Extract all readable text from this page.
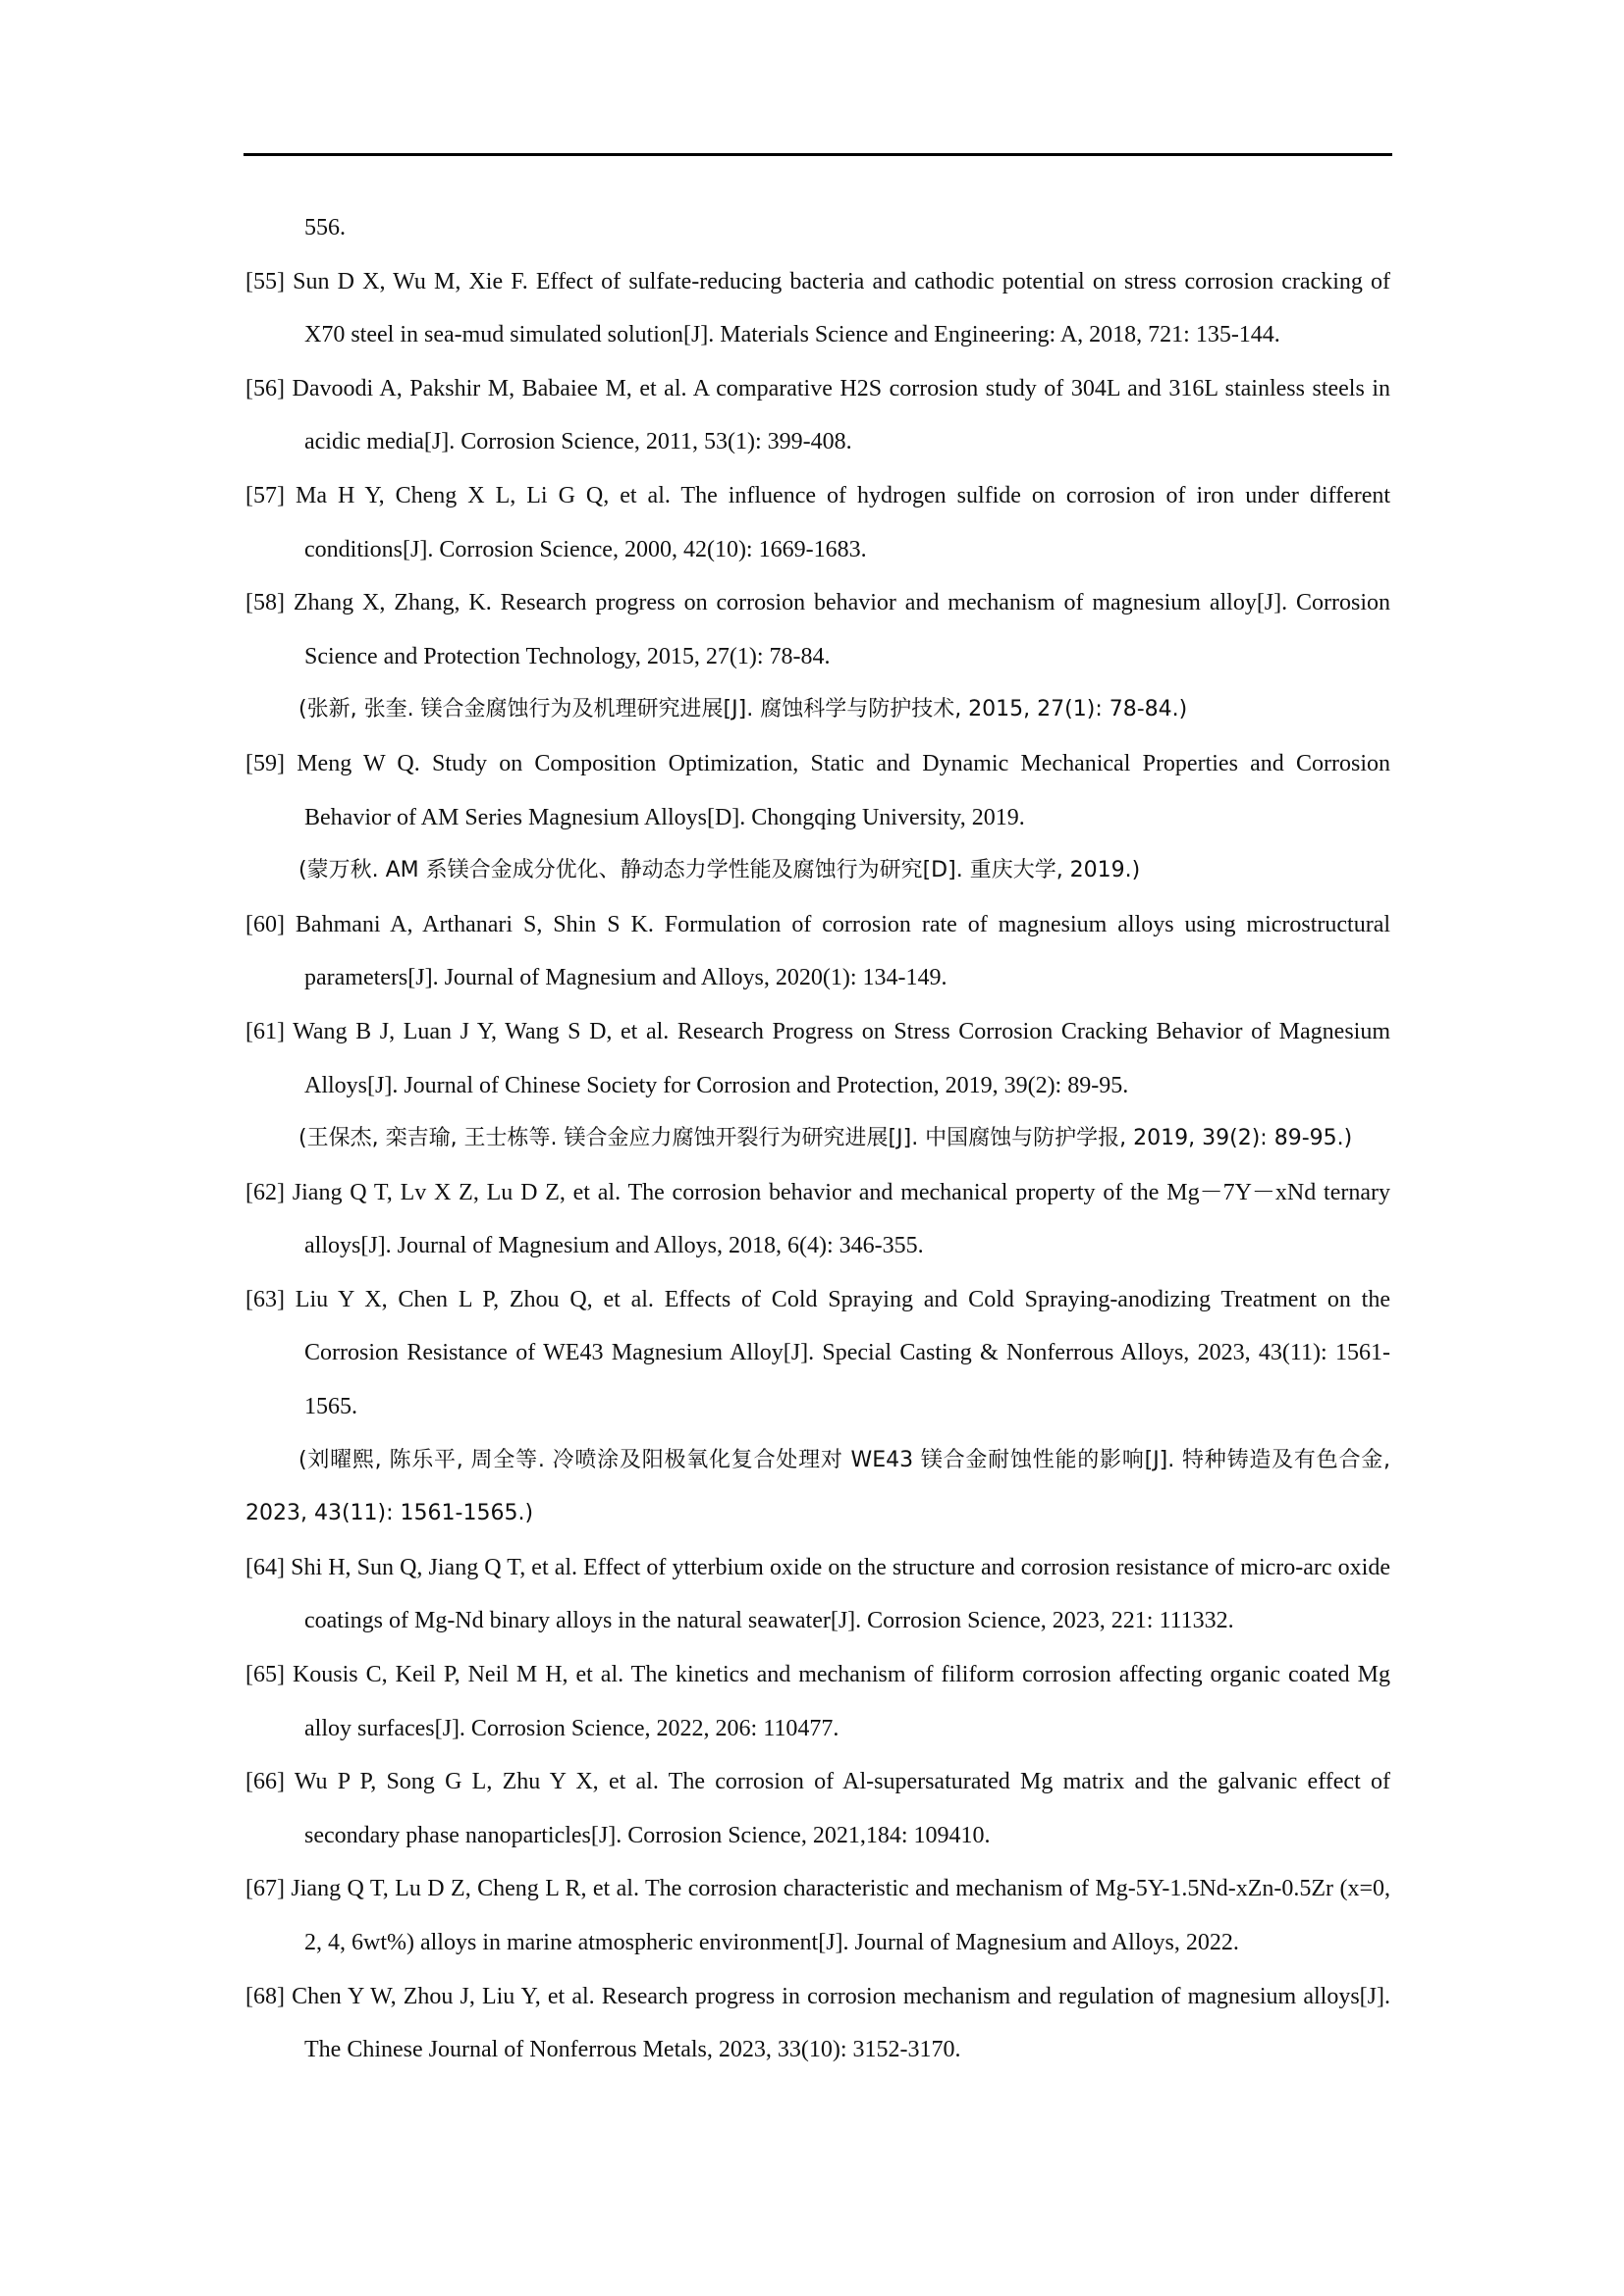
556.
[55] Sun D X, Wu M, Xie F. Effect of sulfate-reducing bacteria and cathodic potential on stress corrosion cracking of X70 steel in sea-mud simulated solution[J]. Materials Science and Engineering: A, 2018, 721: 135-144.
[56] Davoodi A, Pakshir M, Babaiee M, et al. A comparative H2S corrosion study of 304L and 316L stainless steels in acidic media[J]. Corrosion Science, 2011, 53(1): 399-408.
[57] Ma H Y, Cheng X L, Li G Q, et al. The influence of hydrogen sulfide on corrosion of iron under different conditions[J]. Corrosion Science, 2000, 42(10): 1669-1683.
[58] Zhang X, Zhang, K. Research progress on corrosion behavior and mechanism of magnesium alloy[J]. Corrosion Science and Protection Technology, 2015, 27(1): 78-84.
(张新, 张奎. 镁合金腐蚀行为及机理研究进展[J]. 腐蚀科学与防护技术, 2015, 27(1): 78-84.)
[59] Meng W Q. Study on Composition Optimization, Static and Dynamic Mechanical Properties and Corrosion Behavior of AM Series Magnesium Alloys[D]. Chongqing University, 2019.
(蒙万秋. AM 系镁合金成分优化、静动态力学性能及腐蚀行为研究[D]. 重庆大学, 2019.)
[60] Bahmani A, Arthanari S, Shin S K. Formulation of corrosion rate of magnesium alloys using microstructural parameters[J]. Journal of Magnesium and Alloys, 2020(1): 134-149.
[61] Wang B J, Luan J Y, Wang S D, et al. Research Progress on Stress Corrosion Cracking Behavior of Magnesium Alloys[J]. Journal of Chinese Society for Corrosion and Protection, 2019, 39(2): 89-95.
(王保杰, 栾吉瑜, 王士栋等. 镁合金应力腐蚀开裂行为研究进展[J]. 中国腐蚀与防护学报, 2019, 39(2): 89-95.)
[62] Jiang Q T, Lv X Z, Lu D Z, et al. The corrosion behavior and mechanical property of the Mg－7Y－xNd ternary alloys[J]. Journal of Magnesium and Alloys, 2018, 6(4): 346-355.
[63] Liu Y X, Chen L P, Zhou Q, et al. Effects of Cold Spraying and Cold Spraying-anodizing Treatment on the Corrosion Resistance of WE43 Magnesium Alloy[J]. Special Casting & Nonferrous Alloys, 2023, 43(11): 1561-1565.
(刘曜熙, 陈乐平, 周全等. 冷喷涂及阳极氧化复合处理对 WE43 镁合金耐蚀性能的影响[J]. 特种铸造及有色合金, 2023, 43(11): 1561-1565.)
[64] Shi H, Sun Q, Jiang Q T, et al. Effect of ytterbium oxide on the structure and corrosion resistance of micro-arc oxide coatings of Mg-Nd binary alloys in the natural seawater[J]. Corrosion Science, 2023, 221: 111332.
[65] Kousis C, Keil P, Neil M H, et al. The kinetics and mechanism of filiform corrosion affecting organic coated Mg alloy surfaces[J]. Corrosion Science, 2022, 206: 110477.
[66] Wu P P, Song G L, Zhu Y X, et al. The corrosion of Al-supersaturated Mg matrix and the galvanic effect of secondary phase nanoparticles[J]. Corrosion Science, 2021,184: 109410.
[67] Jiang Q T, Lu D Z, Cheng L R, et al. The corrosion characteristic and mechanism of Mg-5Y-1.5Nd-xZn-0.5Zr (x=0, 2, 4, 6wt%) alloys in marine atmospheric environment[J]. Journal of Magnesium and Alloys, 2022.
[68] Chen Y W, Zhou J, Liu Y, et al. Research progress in corrosion mechanism and regulation of magnesium alloys[J]. The Chinese Journal of Nonferrous Metals, 2023, 33(10): 3152-3170.
